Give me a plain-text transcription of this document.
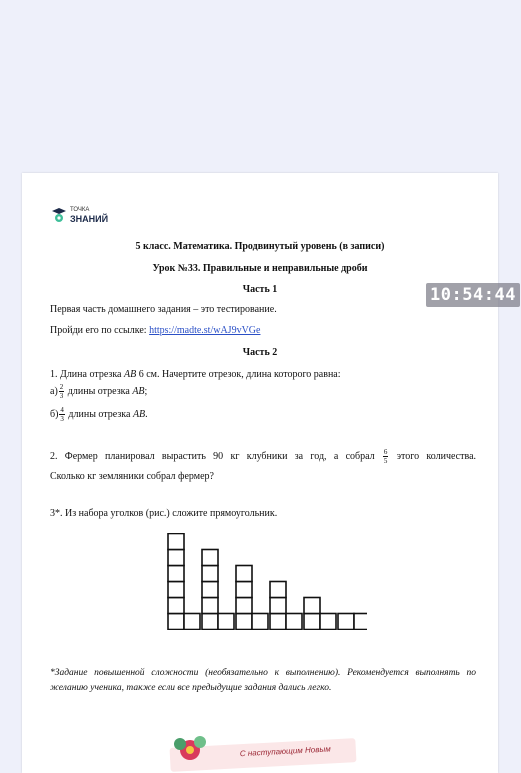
ТОЧКА
ЗНАНИЙ
5 класс. Математика. Продвинутый уровень (в записи)
Урок №33. Правильные и неправильные дроби
Часть 1
Первая часть домашнего задания – это тестирование.
Пройди его по ссылке: https://madte.st/wAJ9vVGe
Часть 2
1. Длина отрезка AB 6 см. Начертите отрезок, длина которого равна:
$а) \frac{2}{3}$ длины отрезка AB;
$б) \frac{4}{3}$ длины отрезка AB.
2. Фермер планировал вырастить 90 кг клубники за год, а собрал $\frac{6}{5}$ этого количества.
Сколько кг земляники собрал фермер?
3*. Из набора уголков (рис.) сложите прямоугольник.
*Задание повышенной сложности (необязательно к выполнению). Рекомендуется выполнять по желанию ученика, также если все предыдущие задания дались легко.
10:54:44
С наступающим Новым
